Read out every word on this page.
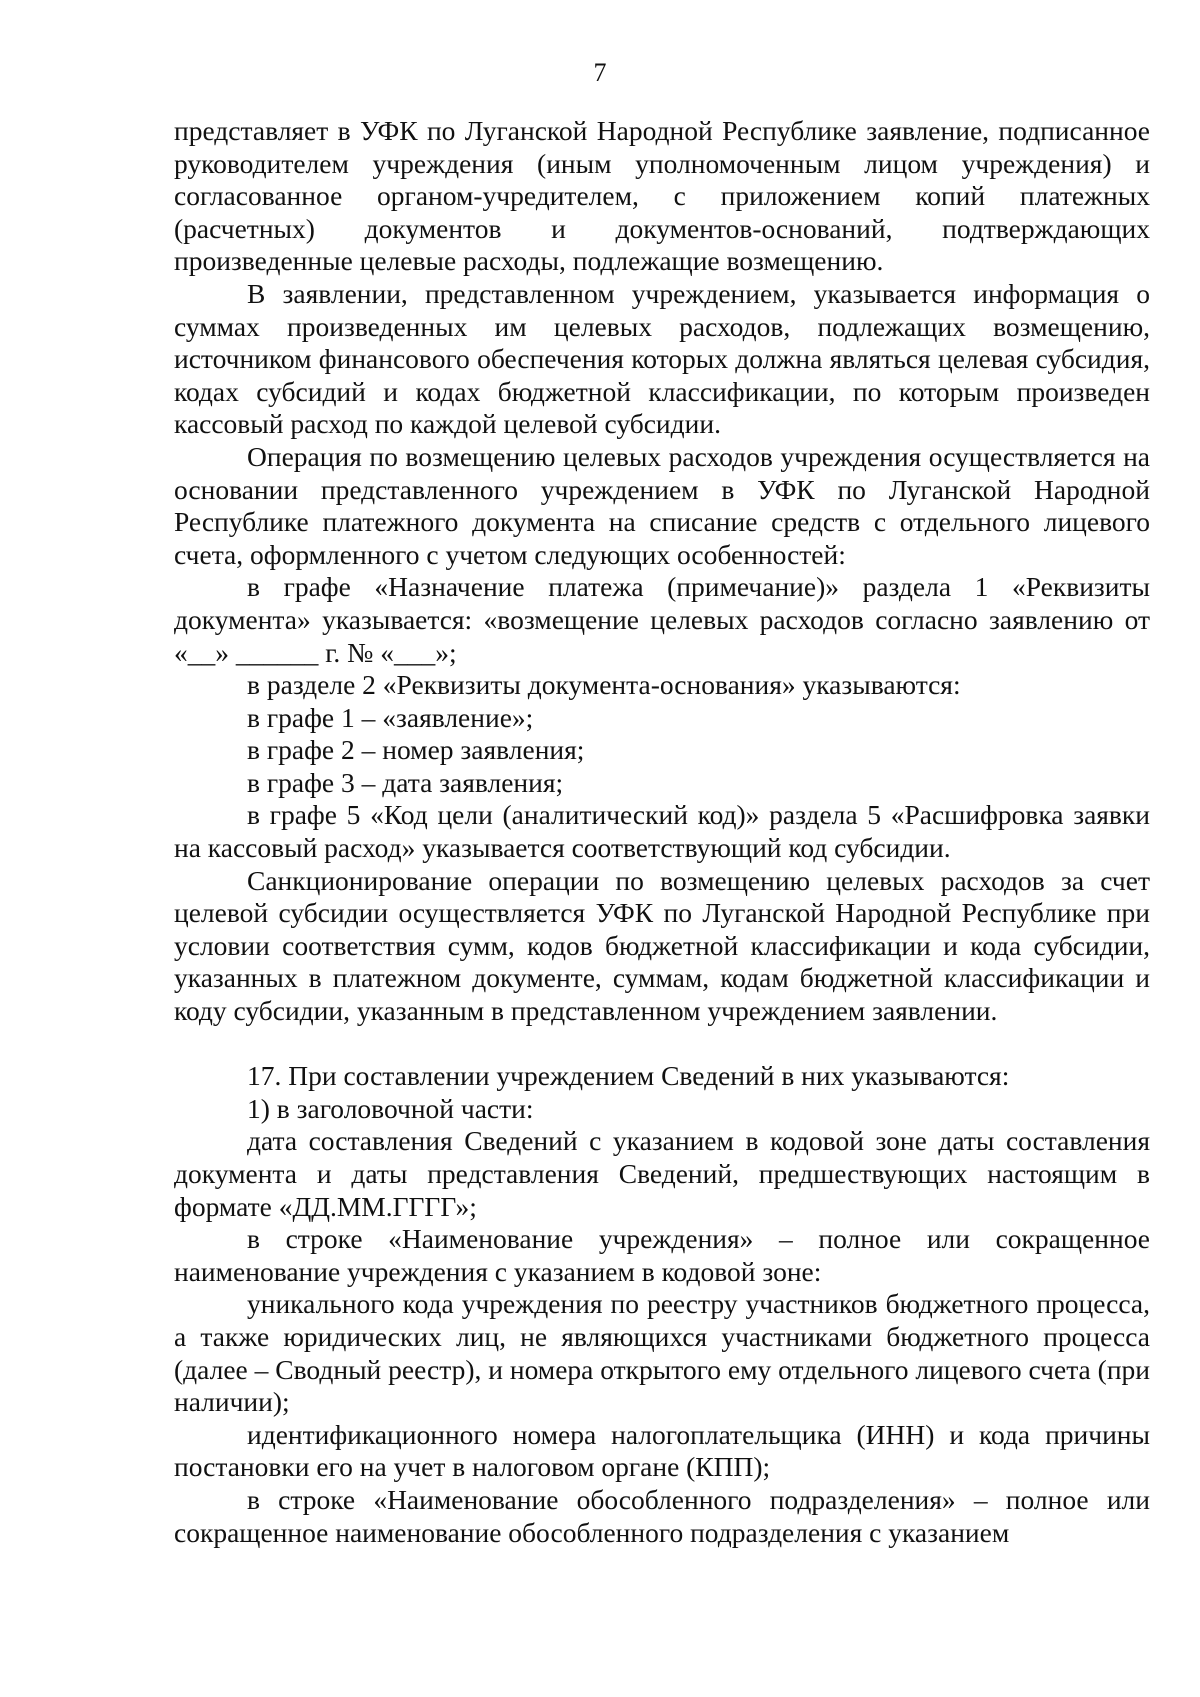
7

представляет в УФК по Луганской Народной Республике заявление, подписанное руководителем учреждения (иным уполномоченным лицом учреждения) и согласованное органом-учредителем, с приложением копий платежных (расчетных) документов и документов-оснований, подтверждающих произведенные целевые расходы, подлежащие возмещению.

В заявлении, представленном учреждением, указывается информация о суммах произведенных им целевых расходов, подлежащих возмещению, источником финансового обеспечения которых должна являться целевая субсидия, кодах субсидий и кодах бюджетной классификации, по которым произведен кассовый расход по каждой целевой субсидии.

Операция по возмещению целевых расходов учреждения осуществляется на основании представленного учреждением в УФК по Луганской Народной Республике платежного документа на списание средств с отдельного лицевого счета, оформленного с учетом следующих особенностей:

в графе «Назначение платежа (примечание)» раздела 1 «Реквизиты документа» указывается: «возмещение целевых расходов согласно заявлению от «__» ______ г. № «___»;

в разделе 2 «Реквизиты документа-основания» указываются:

в графе 1 – «заявление»;

в графе 2 – номер заявления;

в графе 3 – дата заявления;

в графе 5 «Код цели (аналитический код)» раздела 5 «Расшифровка заявки на кассовый расход» указывается соответствующий код субсидии.

Санкционирование операции по возмещению целевых расходов за счет целевой субсидии осуществляется УФК по Луганской Народной Республике при условии соответствия сумм, кодов бюджетной классификации и кода субсидии, указанных в платежном документе, суммам, кодам бюджетной классификации и коду субсидии, указанным в представленном учреждением заявлении.

17. При составлении учреждением Сведений в них указываются:

1) в заголовочной части:

дата составления Сведений с указанием в кодовой зоне даты составления документа и даты представления Сведений, предшествующих настоящим в формате «ДД.ММ.ГГГГ»;

в строке «Наименование учреждения» – полное или сокращенное наименование учреждения с указанием в кодовой зоне:

уникального кода учреждения по реестру участников бюджетного процесса, а также юридических лиц, не являющихся участниками бюджетного процесса (далее – Сводный реестр), и номера открытого ему отдельного лицевого счета (при наличии);

идентификационного номера налогоплательщика (ИНН) и кода причины постановки его на учет в налоговом органе (КПП);

в строке «Наименование обособленного подразделения» – полное или сокращенное наименование обособленного подразделения с указанием
